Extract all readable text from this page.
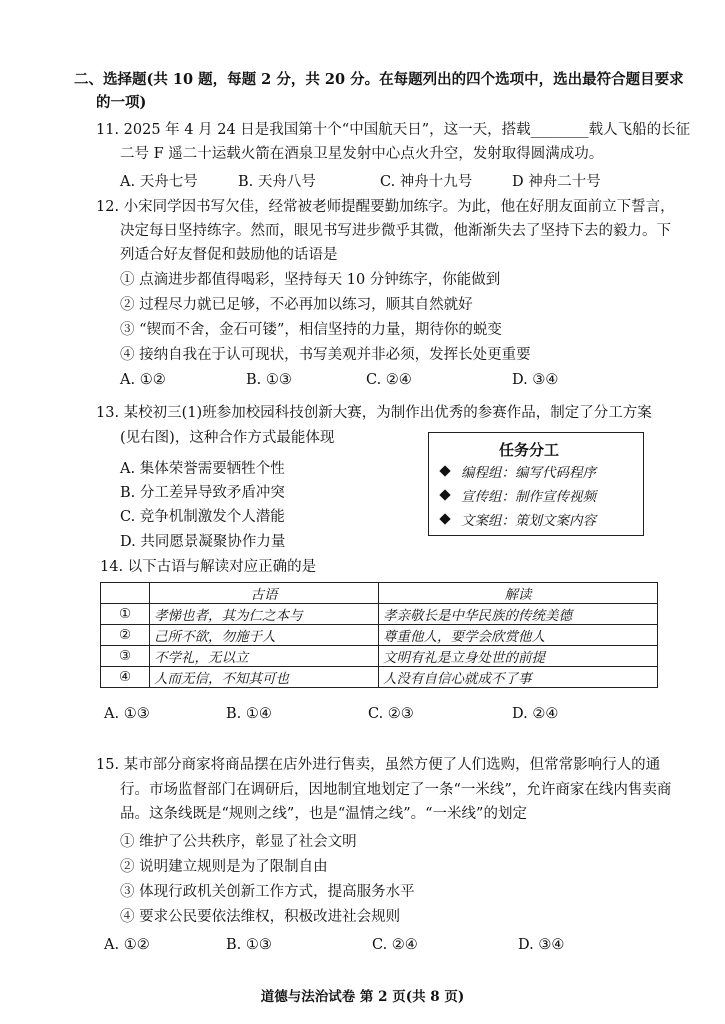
二、选择题(共 10 题，每题 2 分，共 20 分。在每题列出的四个选项中，选出最符合题目要求
的一项)
11. 2025 年 4 月 24 日是我国第十个“中国航天日”，这一天，搭载________载人飞船的长征
二号 F 遥二十运载火箭在酒泉卫星发射中心点火升空，发射取得圆满成功。
A. 天舟七号	B. 天舟八号	C. 神舟十九号	D 神舟二十号
12. 小宋同学因书写欠佳，经常被老师提醒要勤加练字。为此，他在好朋友面前立下誓言，
决定每日坚持练字。然而，眼见书写进步微乎其微，他渐渐失去了坚持下去的毅力。下
列适合好友督促和鼓励他的话语是
① 点滴进步都值得喝彩，坚持每天 10 分钟练字，你能做到
② 过程尽力就已足够，不必再加以练习，顺其自然就好
③ “锲而不舍，金石可镂”，相信坚持的力量，期待你的蜕变
④ 接纳自我在于认可现状，书写美观并非必须，发挥长处更重要
A. ①②	B. ①③	C. ②④	D. ③④
13. 某校初三(1)班参加校园科技创新大赛，为制作出优秀的参赛作品，制定了分工方案
(见右图)，这种合作方式最能体现
A. 集体荣誉需要牺牲个性
B. 分工差异导致矛盾冲突
C. 竞争机制激发个人潜能
D. 共同愿景凝聚协作力量
任务分工
编程组：编写代码程序
宣传组：制作宣传视频
文案组：策划文案内容
14. 以下古语与解读对应正确的是
	古语	解读
①	孝悌也者，其为仁之本与	孝亲敬长是中华民族的传统美德
②	己所不欲，勿施于人	尊重他人，要学会欣赏他人
③	不学礼，无以立	文明有礼是立身处世的前提
④	人而无信，不知其可也	人没有自信心就成不了事
A. ①③	B. ①④	C. ②③	D. ②④
15. 某市部分商家将商品摆在店外进行售卖，虽然方便了人们选购，但常常影响行人的通
行。市场监督部门在调研后，因地制宜地划定了一条“一米线”，允许商家在线内售卖商
品。这条线既是“规则之线”，也是“温情之线”。“一米线”的划定
① 维护了公共秩序，彰显了社会文明
② 说明建立规则是为了限制自由
③ 体现行政机关创新工作方式，提高服务水平
④ 要求公民要依法维权，积极改进社会规则
A. ①②	B. ①③	C. ②④	D. ③④
道德与法治试卷 第 2 页(共 8 页)
